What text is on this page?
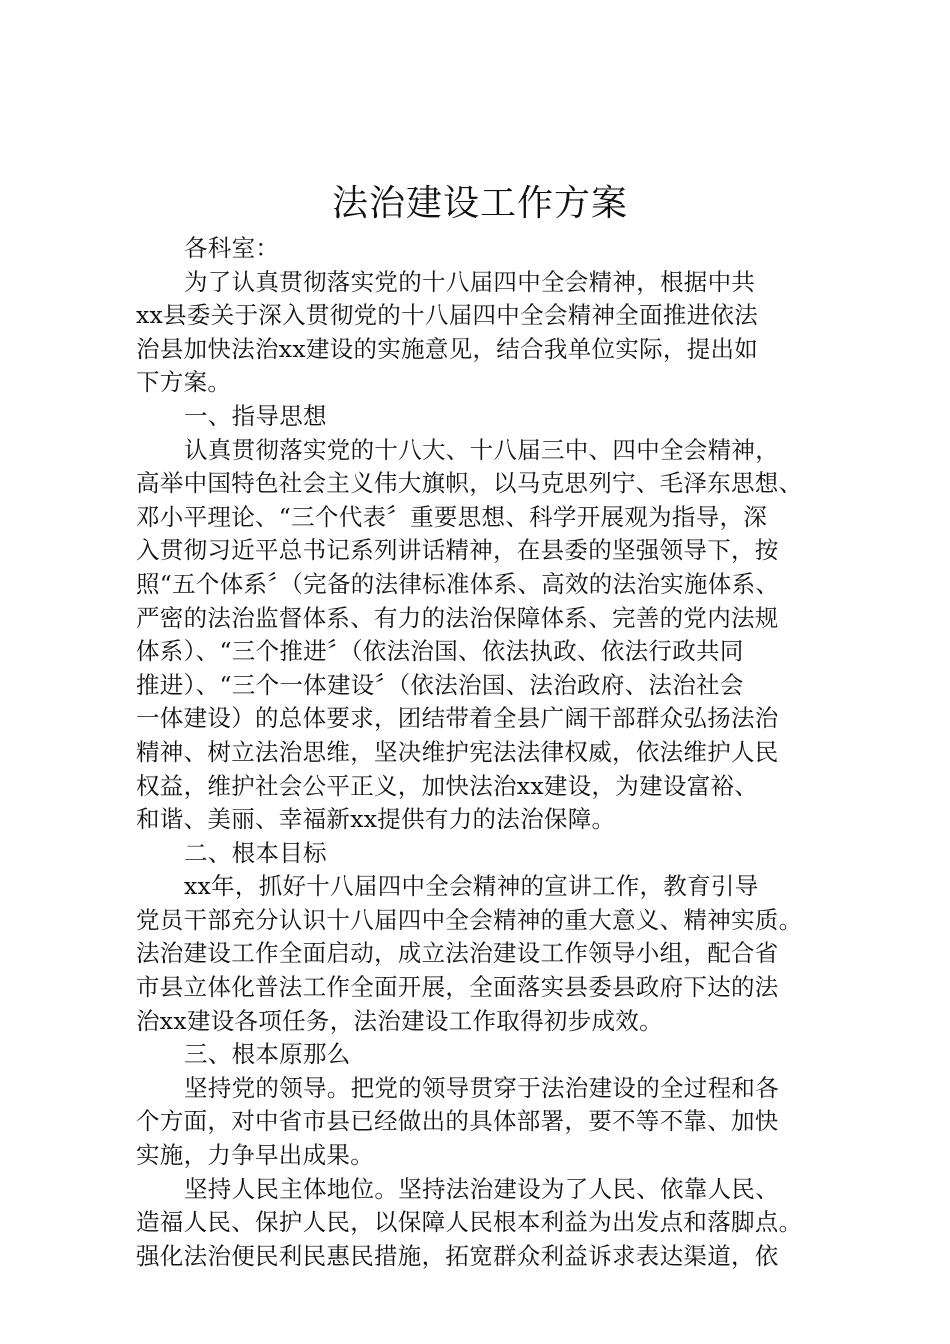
法治建设工作方案
各科室：
为了认真贯彻落实党的十八届四中全会精神，根据中共
xx县委关于深入贯彻党的十八届四中全会精神全面推进依法
治县加快法治xx建设的实施意见，结合我单位实际，提出如
下方案。
一、指导思想
认真贯彻落实党的十八大、十八届三中、四中全会精神，
高举中国特色社会主义伟大旗帜，以马克思列宁、毛泽东思想、
邓小平理论、“三个代表〞重要思想、科学开展观为指导，深
入贯彻习近平总书记系列讲话精神，在县委的坚强领导下，按
照“五个体系〞（完备的法律标准体系、高效的法治实施体系、
严密的法治监督体系、有力的法治保障体系、完善的党内法规
体系）、“三个推进〞（依法治国、依法执政、依法行政共同
推进）、“三个一体建设〞（依法治国、法治政府、法治社会
一体建设）的总体要求，团结带着全县广阔干部群众弘扬法治
精神、树立法治思维，坚决维护宪法法律权威，依法维护人民
权益，维护社会公平正义，加快法治xx建设，为建设富裕、
和谐、美丽、幸福新xx提供有力的法治保障。
二、根本目标
xx年，抓好十八届四中全会精神的宣讲工作，教育引导
党员干部充分认识十八届四中全会精神的重大意义、精神实质。
法治建设工作全面启动，成立法治建设工作领导小组，配合省
市县立体化普法工作全面开展，全面落实县委县政府下达的法
治xx建设各项任务，法治建设工作取得初步成效。
三、根本原那么
坚持党的领导。把党的领导贯穿于法治建设的全过程和各
个方面，对中省市县已经做出的具体部署，要不等不靠、加快
实施，力争早出成果。
坚持人民主体地位。坚持法治建设为了人民、依靠人民、
造福人民、保护人民，以保障人民根本利益为出发点和落脚点。
强化法治便民利民惠民措施，拓宽群众利益诉求表达渠道，依
